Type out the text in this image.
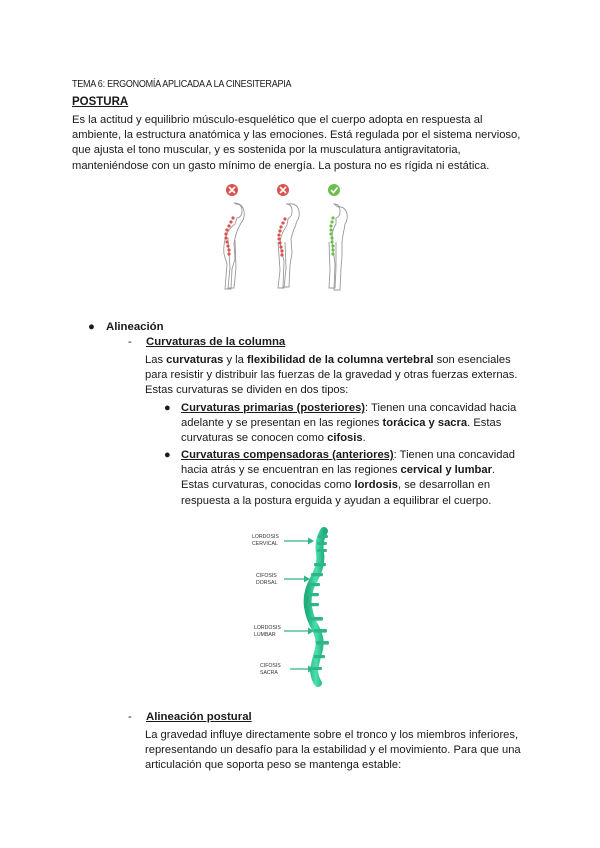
TEMA 6: ERGONOMÍA APLICADA A LA CINESITERAPIA
POSTURA
Es la actitud y equilibrio músculo-esquelético que el cuerpo adopta en respuesta al ambiente, la estructura anatómica y las emociones. Está regulada por el sistema nervioso, que ajusta el tono muscular, y es sostenida por la musculatura antigravitatoria, manteniéndose con un gasto mínimo de energía. La postura no es rígida ni estática.
● Alineación
- Curvaturas de la columna
Las curvaturas y la flexibilidad de la columna vertebral son esenciales para resistir y distribuir las fuerzas de la gravedad y otras fuerzas externas. Estas curvaturas se dividen en dos tipos:
● Curvaturas primarias (posteriores): Tienen una concavidad hacia adelante y se presentan en las regiones torácica y sacra. Estas curvaturas se conocen como cifosis.
● Curvaturas compensadoras (anteriores): Tienen una concavidad hacia atrás y se encuentran en las regiones cervical y lumbar. Estas curvaturas, conocidas como lordosis, se desarrollan en respuesta a la postura erguida y ayudan a equilibrar el cuerpo.
LORDOSIS
CERVICAL
CIFOSIS
DORSAL
LORDOSIS
LUMBAR
CIFOSIS
SACRA
- Alineación postural
La gravedad influye directamente sobre el tronco y los miembros inferiores, representando un desafío para la estabilidad y el movimiento. Para que una articulación que soporta peso se mantenga estable:
